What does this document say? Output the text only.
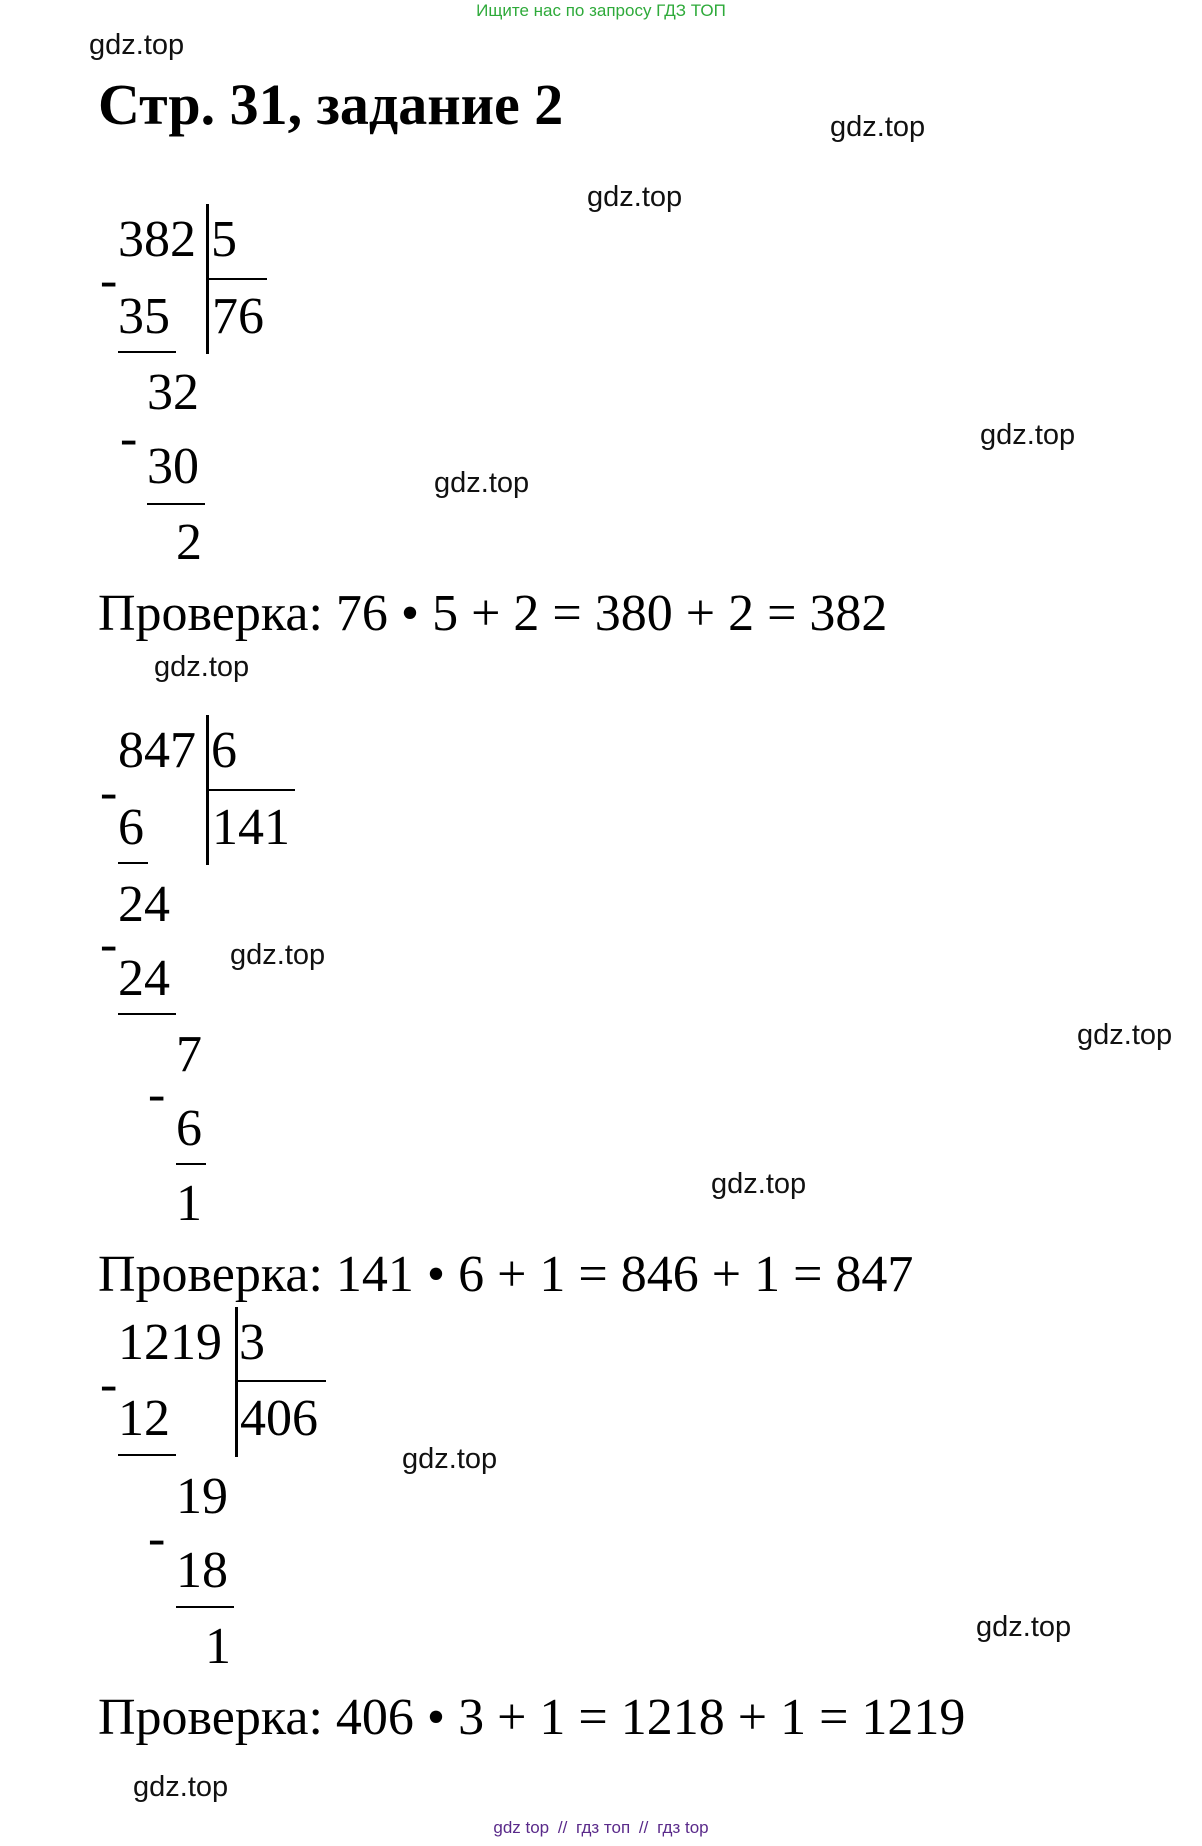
Ищите нас по запросу ГДЗ ТОП
gdz.top
gdz.top
gdz.top
gdz.top
gdz.top
gdz.top
gdz.top
gdz.top
gdz.top
gdz.top
gdz.top
gdz.top
Стр. 31, задание 2
382 5
76
-
35
32
- 30
2
Проверка: 76 • 5 + 2 = 380 + 2 = 382
847 6
141
-
6
24
-
24
7
-
6
1
Проверка: 141 • 6 + 1 = 846 + 1 = 847
1219 3
406
-
12
19
-
18
1
Проверка: 406 • 3 + 1 = 1218 + 1 = 1219
gdz top // гдз топ // гдз top
